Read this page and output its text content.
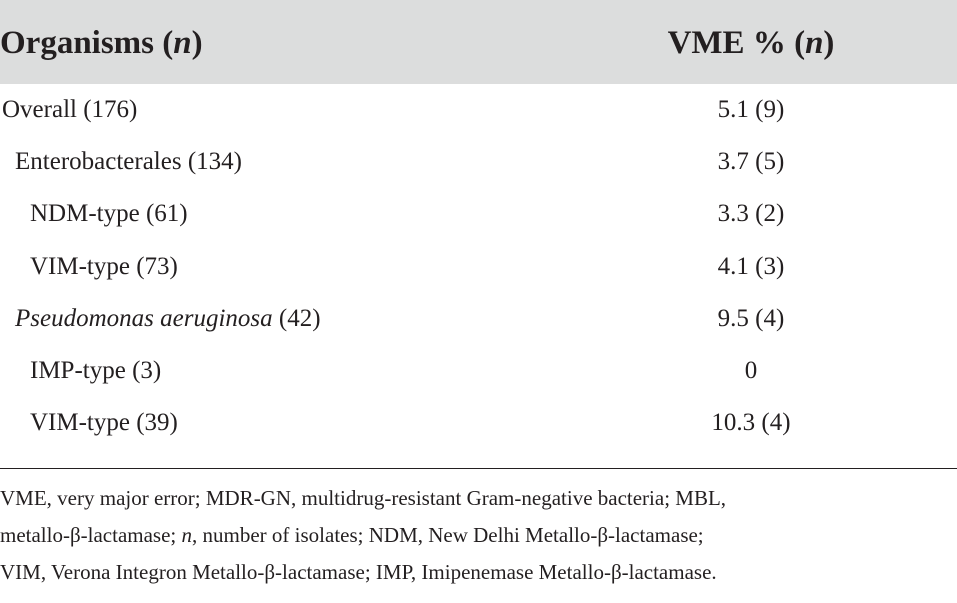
Organisms (n)	VME % (n)
Overall (176)	5.1 (9)
Enterobacterales (134)	3.7 (5)
NDM-type (61)	3.3 (2)
VIM-type (73)	4.1 (3)
Pseudomonas aeruginosa (42)	9.5 (4)
IMP-type (3)	0
VIM-type (39)	10.3 (4)
VME, very major error; MDR-GN, multidrug-resistant Gram-negative bacteria; MBL,
metallo-β-lactamase; n, number of isolates; NDM, New Delhi Metallo-β-lactamase;
VIM, Verona Integron Metallo-β-lactamase; IMP, Imipenemase Metallo-β-lactamase.
